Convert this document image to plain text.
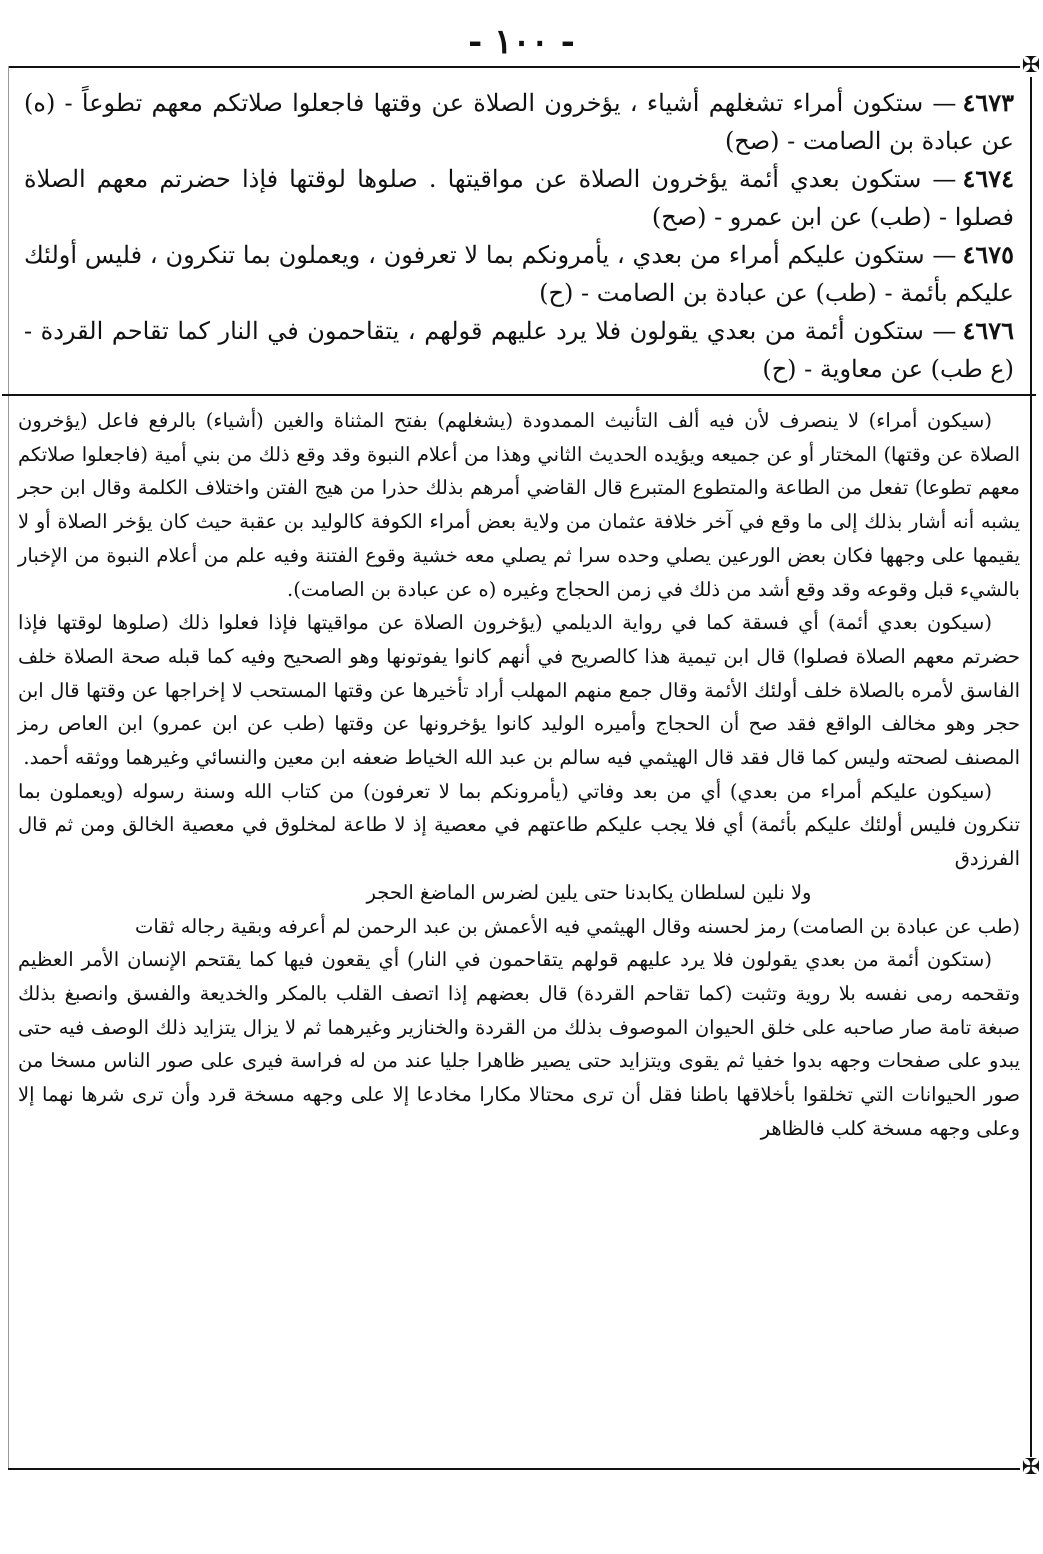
- ١٠٠ -
✠
✠

٤٦٧٣— ستكون أمراء تشغلهم أشياء ، يؤخرون الصلاة عن وقتها فاجعلوا صلاتكم معهم تطوعاً - (ه) عن عبادة بن الصامت - (صح)

٤٦٧٤— ستكون بعدي أئمة يؤخرون الصلاة عن مواقيتها . صلوها لوقتها فإذا حضرتم معهم الصلاة فصلوا - (طب) عن ابن عمرو - (صح)

٤٦٧٥— ستكون عليكم أمراء من بعدي ، يأمرونكم بما لا تعرفون ، ويعملون بما تنكرون ، فليس أولئك عليكم بأئمة - (طب) عن عبادة بن الصامت - (ح)

٤٦٧٦— ستكون أئمة من بعدي يقولون فلا يرد عليهم قولهم ، يتقاحمون في النار كما تقاحم القردة - (ع طب) عن معاوية - (ح)

(سيكون أمراء) لا ينصرف لأن فيه ألف التأنيث الممدودة (يشغلهم) بفتح المثناة والغين (أشياء) بالرفع فاعل (يؤخرون الصلاة عن وقتها) المختار أو عن جميعه ويؤيده الحديث الثاني وهذا من أعلام النبوة وقد وقع ذلك من بني أمية (فاجعلوا صلاتكم معهم تطوعا) تفعل من الطاعة والمتطوع المتبرع قال القاضي أمرهم بذلك حذرا من هيج الفتن واختلاف الكلمة وقال ابن حجر يشبه أنه أشار بذلك إلى ما وقع في آخر خلافة عثمان من ولاية بعض أمراء الكوفة كالوليد بن عقبة حيث كان يؤخر الصلاة أو لا يقيمها على وجهها فكان بعض الورعين يصلي وحده سرا ثم يصلي معه خشية وقوع الفتنة وفيه علم من أعلام النبوة من الإخبار بالشيء قبل وقوعه وقد وقع أشد من ذلك في زمن الحجاج وغيره (ه عن عبادة بن الصامت).

(سيكون بعدي أئمة) أي فسقة كما في رواية الديلمي (يؤخرون الصلاة عن مواقيتها فإذا فعلوا ذلك (صلوها لوقتها فإذا حضرتم معهم الصلاة فصلوا) قال ابن تيمية هذا كالصريح في أنهم كانوا يفوتونها وهو الصحيح وفيه كما قبله صحة الصلاة خلف الفاسق لأمره بالصلاة خلف أولئك الأئمة وقال جمع منهم المهلب أراد تأخيرها عن وقتها المستحب لا إخراجها عن وقتها قال ابن حجر وهو مخالف الواقع فقد صح أن الحجاج وأميره الوليد كانوا يؤخرونها عن وقتها (طب عن ابن عمرو) ابن العاص رمز المصنف لصحته وليس كما قال فقد قال الهيثمي فيه سالم بن عبد الله الخياط ضعفه ابن معين والنسائي وغيرهما ووثقه أحمد.

(سيكون عليكم أمراء من بعدي) أي من بعد وفاتي (يأمرونكم بما لا تعرفون) من كتاب الله وسنة رسوله (ويعملون بما تنكرون فليس أولئك عليكم بأئمة) أي فلا يجب عليكم طاعتهم في معصية إذ لا طاعة لمخلوق في معصية الخالق ومن ثم قال الفرزدق

ولا نلين لسلطان يكابدنا حتى يلين لضرس الماضغ الحجر

(طب عن عبادة بن الصامت) رمز لحسنه وقال الهيثمي فيه الأعمش بن عبد الرحمن لم أعرفه وبقية رجاله ثقات

(ستكون أئمة من بعدي يقولون فلا يرد عليهم قولهم يتقاحمون في النار) أي يقعون فيها كما يقتحم الإنسان الأمر العظيم وتقحمه رمى نفسه بلا روية وتثبت (كما تقاحم القردة) قال بعضهم إذا اتصف القلب بالمكر والخديعة والفسق وانصبغ بذلك صبغة تامة صار صاحبه على خلق الحيوان الموصوف بذلك من القردة والخنازير وغيرهما ثم لا يزال يتزايد ذلك الوصف فيه حتى يبدو على صفحات وجهه بدوا خفيا ثم يقوى ويتزايد حتى يصير ظاهرا جليا عند من له فراسة فيرى على صور الناس مسخا من صور الحيوانات التي تخلقوا بأخلاقها باطنا فقل أن ترى محتالا مكارا مخادعا إلا على وجهه مسخة قرد وأن ترى شرها نهما إلا وعلى وجهه مسخة كلب فالظاهر
